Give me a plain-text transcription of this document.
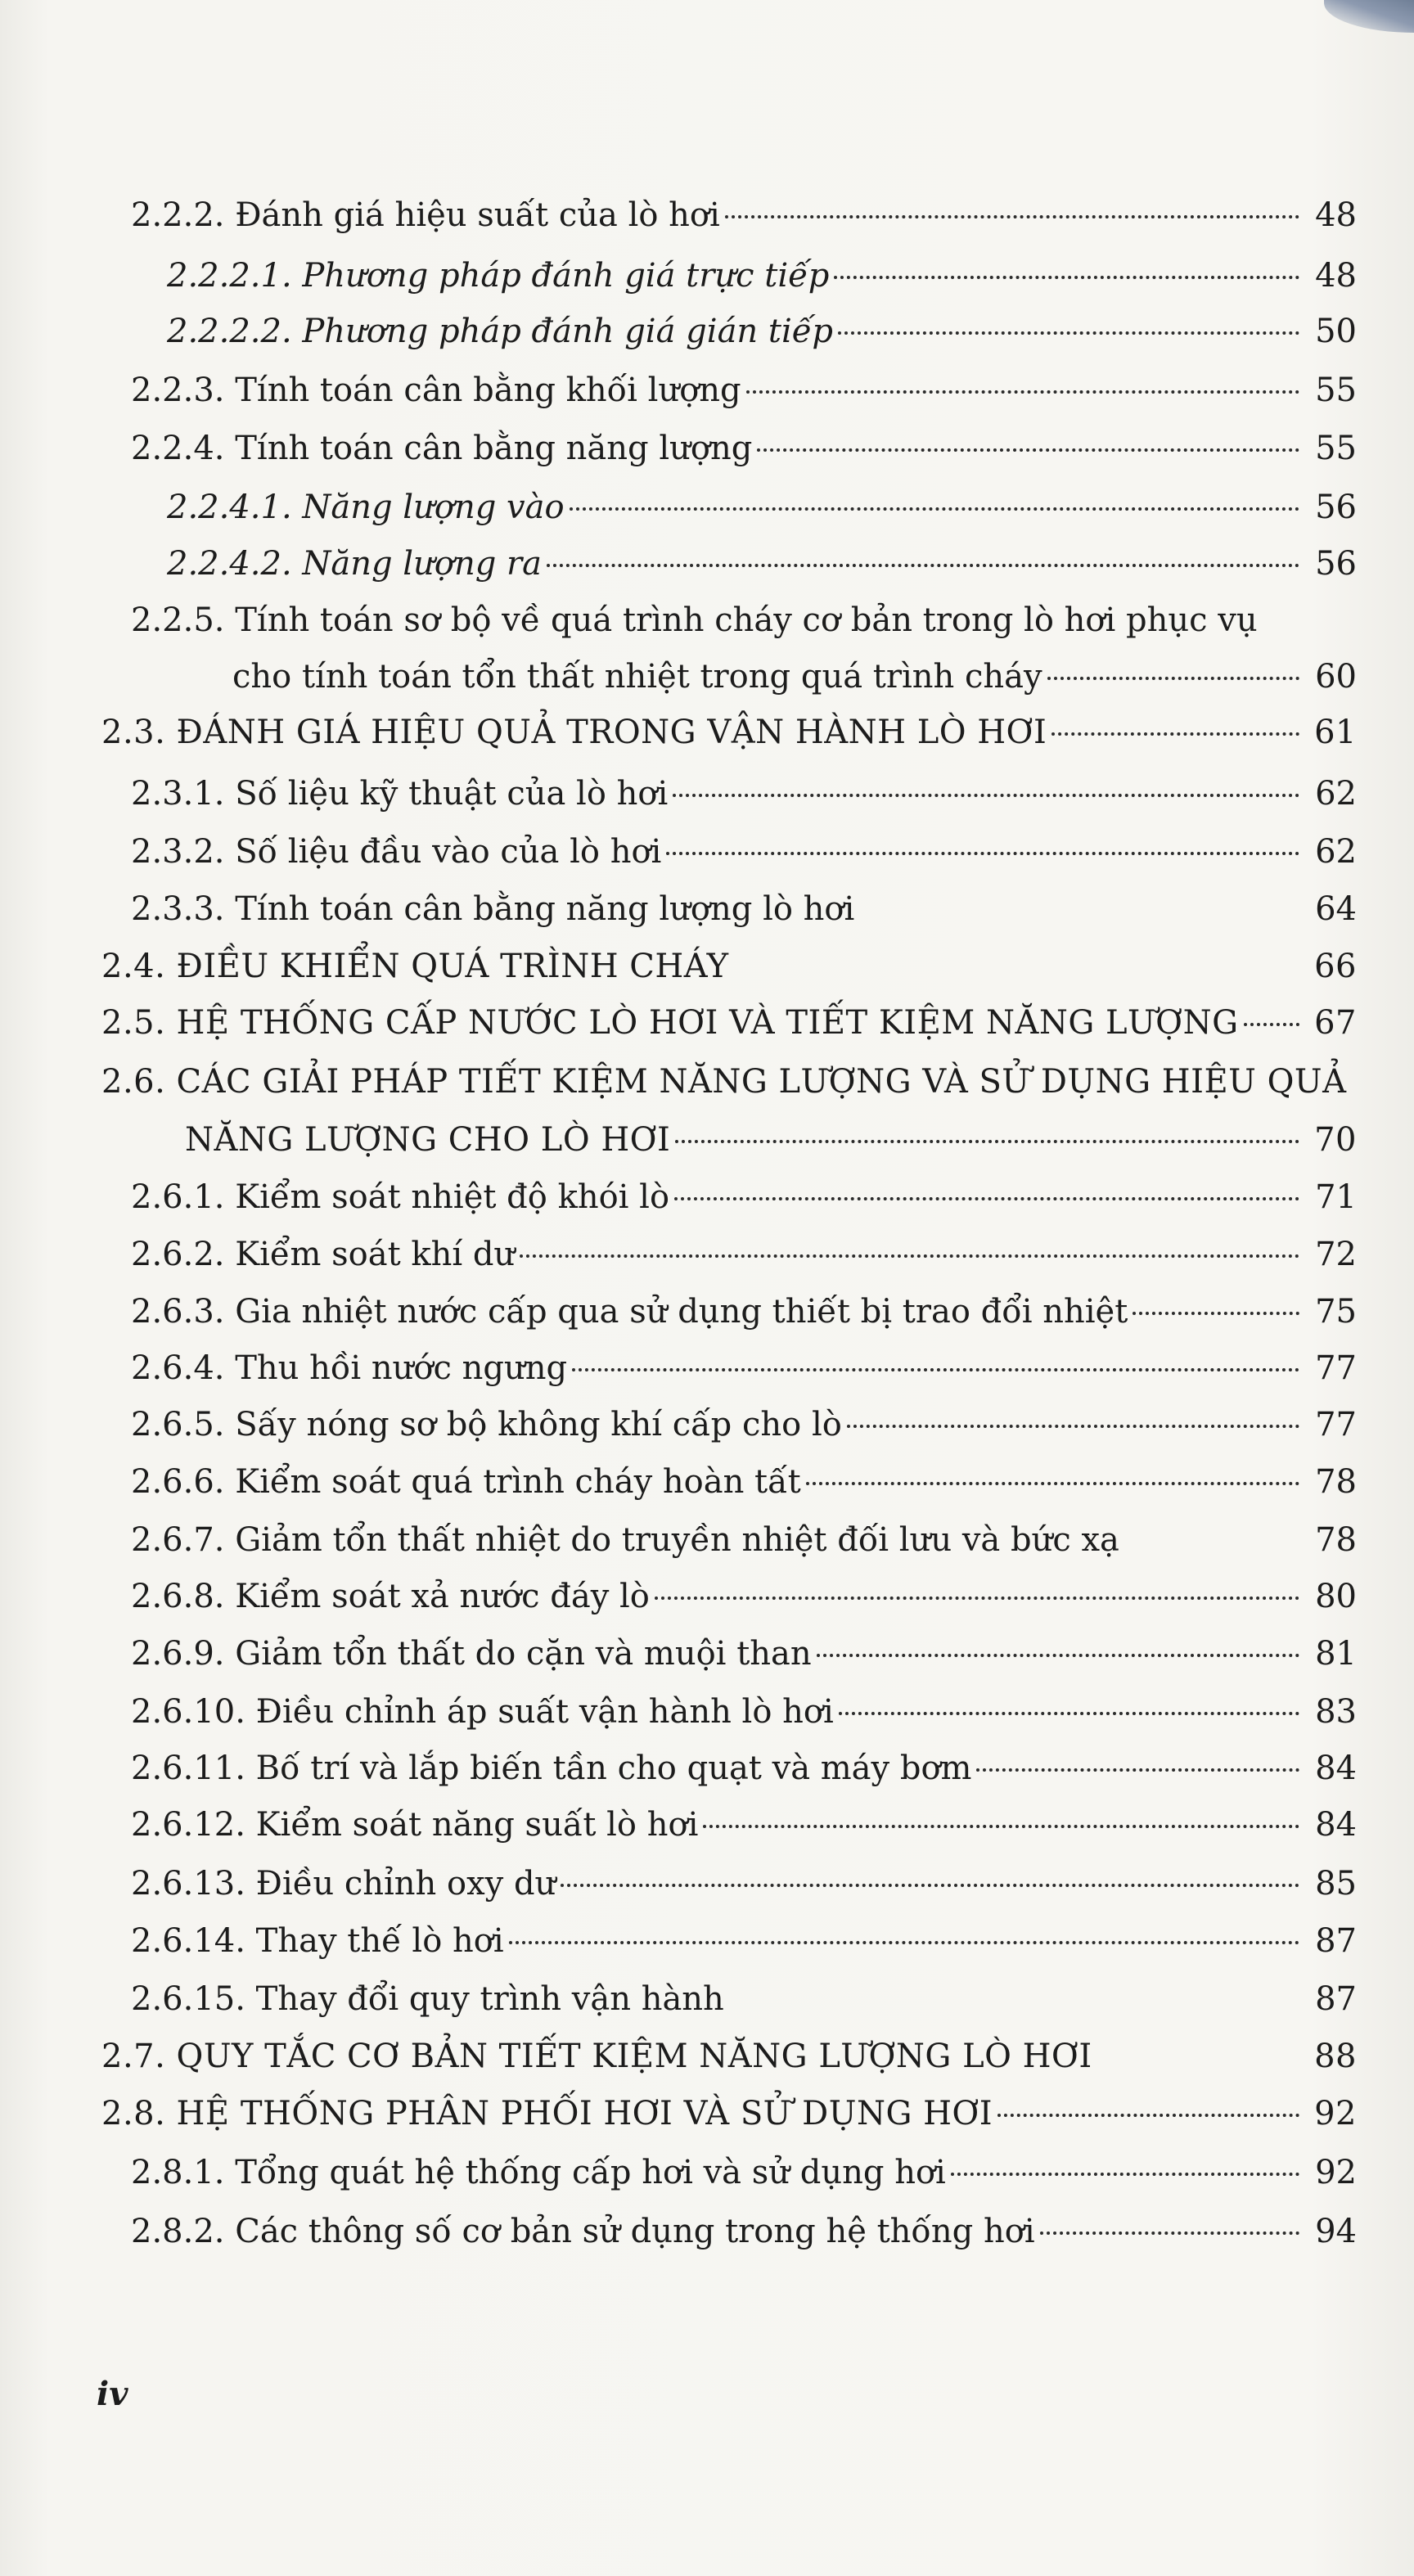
2.2.2. Đánh giá hiệu suất của lò hơi	48
2.2.2.1. Phương pháp đánh giá trực tiếp	48
2.2.2.2. Phương pháp đánh giá gián tiếp	50
2.2.3. Tính toán cân bằng khối lượng	55
2.2.4. Tính toán cân bằng năng lượng	55
2.2.4.1. Năng lượng vào	56
2.2.4.2. Năng lượng ra	56
2.2.5. Tính toán sơ bộ về quá trình cháy cơ bản trong lò hơi phục vụ
cho tính toán tổn thất nhiệt trong quá trình cháy	60
2.3. ĐÁNH GIÁ HIỆU QUẢ TRONG VẬN HÀNH LÒ HƠI	61
2.3.1. Số liệu kỹ thuật của lò hơi	62
2.3.2. Số liệu đầu vào của lò hơi	62
2.3.3. Tính toán cân bằng năng lượng lò hơi	64
2.4. ĐIỀU KHIỂN QUÁ TRÌNH CHÁY	66
2.5. HỆ THỐNG CẤP NƯỚC LÒ HƠI VÀ TIẾT KIỆM NĂNG LƯỢNG	67
2.6. CÁC GIẢI PHÁP TIẾT KIỆM NĂNG LƯỢNG VÀ SỬ DỤNG HIỆU QUẢ
NĂNG LƯỢNG CHO LÒ HƠI	70
2.6.1. Kiểm soát nhiệt độ khói lò	71
2.6.2. Kiểm soát khí dư	72
2.6.3. Gia nhiệt nước cấp qua sử dụng thiết bị trao đổi nhiệt	75
2.6.4. Thu hồi nước ngưng	77
2.6.5. Sấy nóng sơ bộ không khí cấp cho lò	77
2.6.6. Kiểm soát quá trình cháy hoàn tất	78
2.6.7. Giảm tổn thất nhiệt do truyền nhiệt đối lưu và bức xạ	78
2.6.8. Kiểm soát xả nước đáy lò	80
2.6.9. Giảm tổn thất do cặn và muội than	81
2.6.10. Điều chỉnh áp suất vận hành lò hơi	83
2.6.11. Bố trí và lắp biến tần cho quạt và máy bơm	84
2.6.12. Kiểm soát năng suất lò hơi	84
2.6.13. Điều chỉnh oxy dư	85
2.6.14. Thay thế lò hơi	87
2.6.15. Thay đổi quy trình vận hành	87
2.7. QUY TẮC CƠ BẢN TIẾT KIỆM NĂNG LƯỢNG LÒ HƠI	88
2.8. HỆ THỐNG PHÂN PHỐI HƠI VÀ SỬ DỤNG HƠI	92
2.8.1. Tổng quát hệ thống cấp hơi và sử dụng hơi	92
2.8.2. Các thông số cơ bản sử dụng trong hệ thống hơi	94
iv
